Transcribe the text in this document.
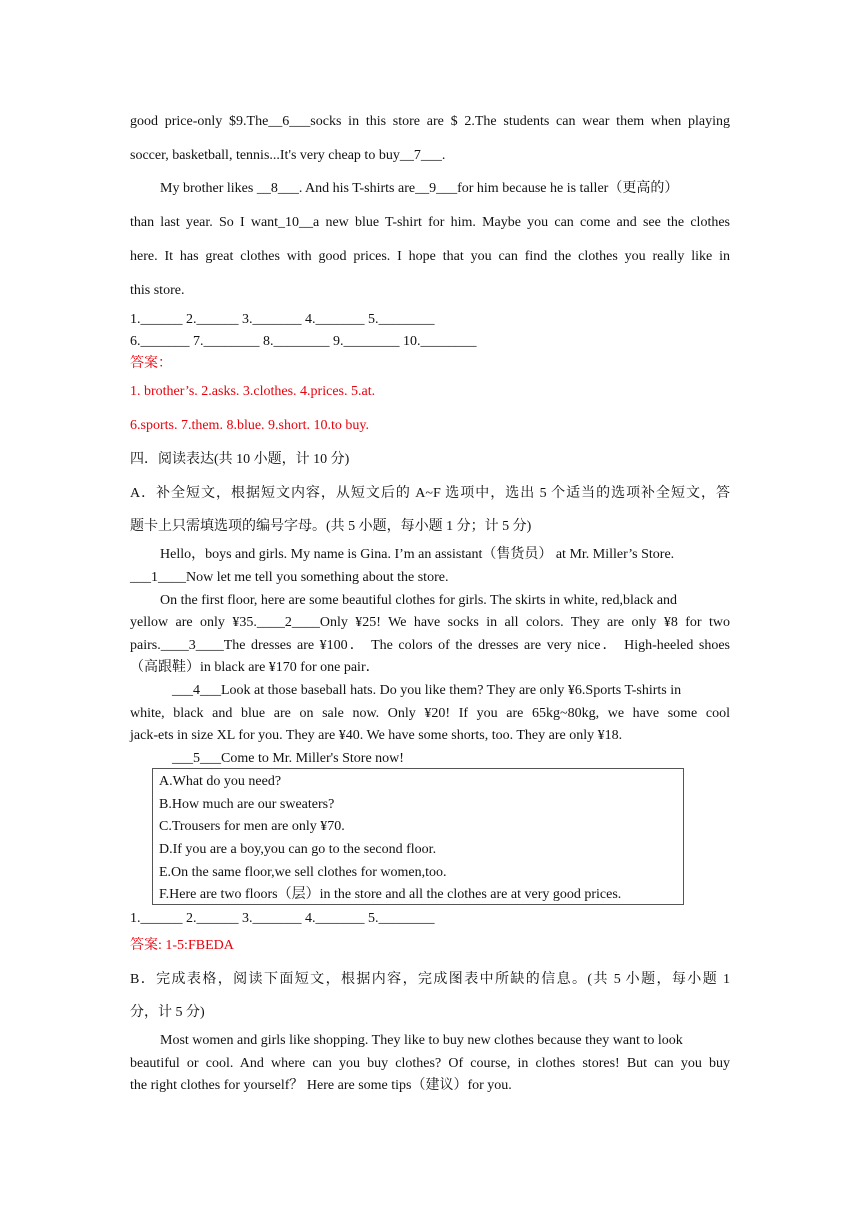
good price-only $9.The__6___socks in this store are $ 2.The students can wear them when playing
soccer, basketball, tennis...It's very cheap to buy__7___.
My brother likes __8___. And his T-shirts are__9___for him because he is taller（更高的）
than last year. So I want_10__a new blue T-shirt for him. Maybe you can come and see the clothes
here. It has great clothes with good prices. I hope that you can find the clothes you really like in
this store.
1.______ 2.______ 3._______ 4._______ 5.________
6._______ 7.________ 8.________ 9.________ 10.________
答案：
1. brother’s. 2.asks. 3.clothes. 4.prices. 5.at.
6.sports. 7.them. 8.blue. 9.short. 10.to buy.
四．阅读表达(共 10 小题，计 10 分)
A．补全短文，根据短文内容，从短文后的 A~F 选项中，选出 5 个适当的选项补全短文，答
题卡上只需填选项的编号字母。(共 5 小题，每小题 1 分；计 5 分)
Hello，boys and girls. My name is Gina. I’m an assistant（售货员） at Mr. Miller’s Store.
___1____Now let me tell you something about the store.
On the first floor, here are some beautiful clothes for girls. The skirts in white, red,black and
yellow are only ¥35.____2____Only ¥25! We have socks in all colors. They are only ¥8 for two
pairs.____3____The dresses are ¥100． The colors of the dresses are very nice． High-heeled shoes
（高跟鞋）in black are ¥170 for one pair．
___4___Look at those baseball hats. Do you like them? They are only ¥6.Sports T-shirts in
white, black and blue are on sale now. Only ¥20! If you are 65kg~80kg, we have some cool
jack-ets in size XL for you. They are ¥40. We have some shorts, too. They are only ¥18.
___5___Come to Mr. Miller's Store now!
A.What do you need?
B.How much are our sweaters?
C.Trousers for men are only ¥70.
D.If you are a boy,you can go to the second floor.
E.On the same floor,we sell clothes for women,too.
F.Here are two floors（层）in the store and all the clothes are at very good prices.
1.______ 2.______ 3._______ 4._______ 5.________
答案: 1-5:FBEDA
B．完成表格，阅读下面短文，根据内容，完成图表中所缺的信息。(共 5 小题，每小题 1
分，计 5 分)
Most women and girls like shopping. They like to buy new clothes because they want to look
beautiful or cool. And where can you buy clothes? Of course, in clothes stores! But can you buy
the right clothes for yourself？ Here are some tips（建议）for you.
